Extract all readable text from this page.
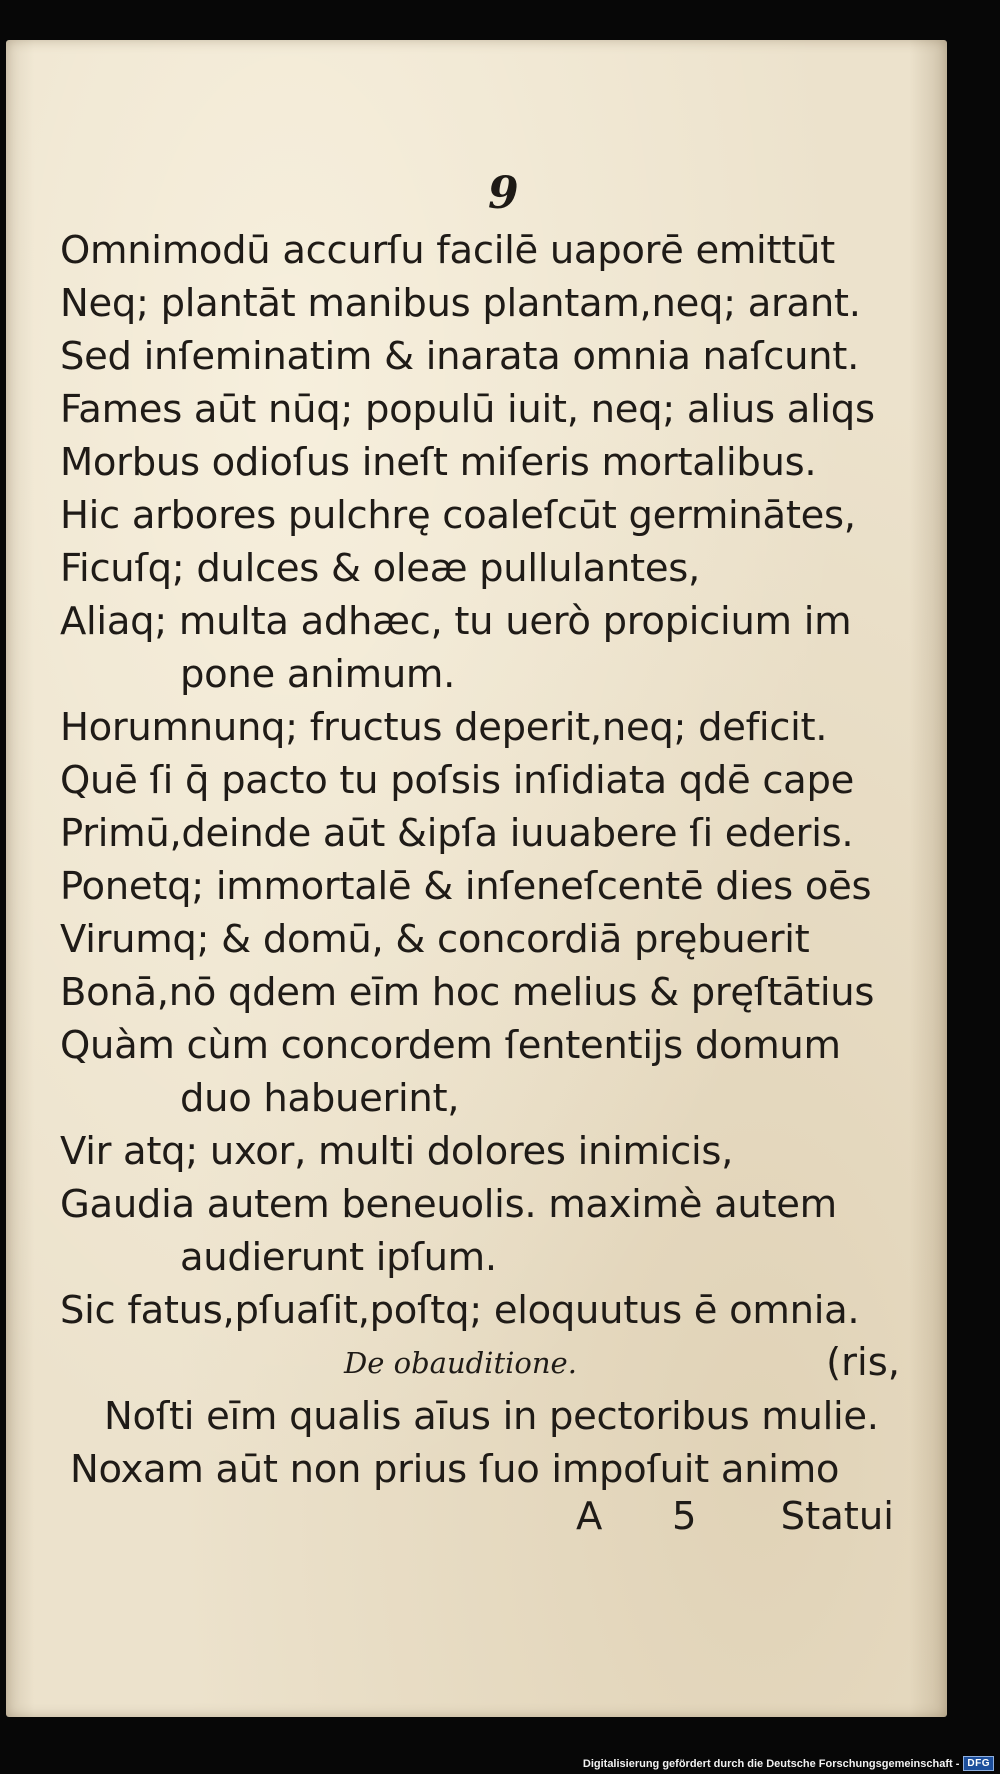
9
Omnimodū accurſu facilē uaporē emittūt
Neq; plantāt manibus plantam,neq; arant.
Sed inſeminatim & inarata omnia naſcunt.
Fames aūt nūq; populū iuit, neq; alius aliqs
Morbus odioſus ineſt miſeris mortalibus.
Hic arbores pulchrę coaleſcūt germinātes,
Ficuſq; dulces & oleæ pullulantes,
Aliaq; multa adhæc, tu uerò propicium im
pone animum.
Horumnunq; fructus deperit,neq; deficit.
Quē ſi q̄ pacto tu poſsis inſidiata qdē cape
Primū,deinde aūt &ipſa iuuabere ſi ederis.
Ponetq; immortalē & inſeneſcentē dies oēs
Virumq; & domū, & concordiā prębuerit
Bonā,nō qdem eīm hoc melius & pręſtātius
Quàm cùm concordem ſententijs domum
duo habuerint,
Vir atq; uxor, multi dolores inimicis,
Gaudia autem beneuolis. maximè autem
audierunt ipſum.
Sic fatus,pſuaſit,poſtq; eloquutus ē omnia.
De obauditione.	(ris,
Noſti eīm qualis aīus in pectoribus mulie.
Noxam aūt non prius ſuo impoſuit animo
A 5 Statui
Digitalisierung gefördert durch die Deutsche Forschungsgemeinschaft - DFG
